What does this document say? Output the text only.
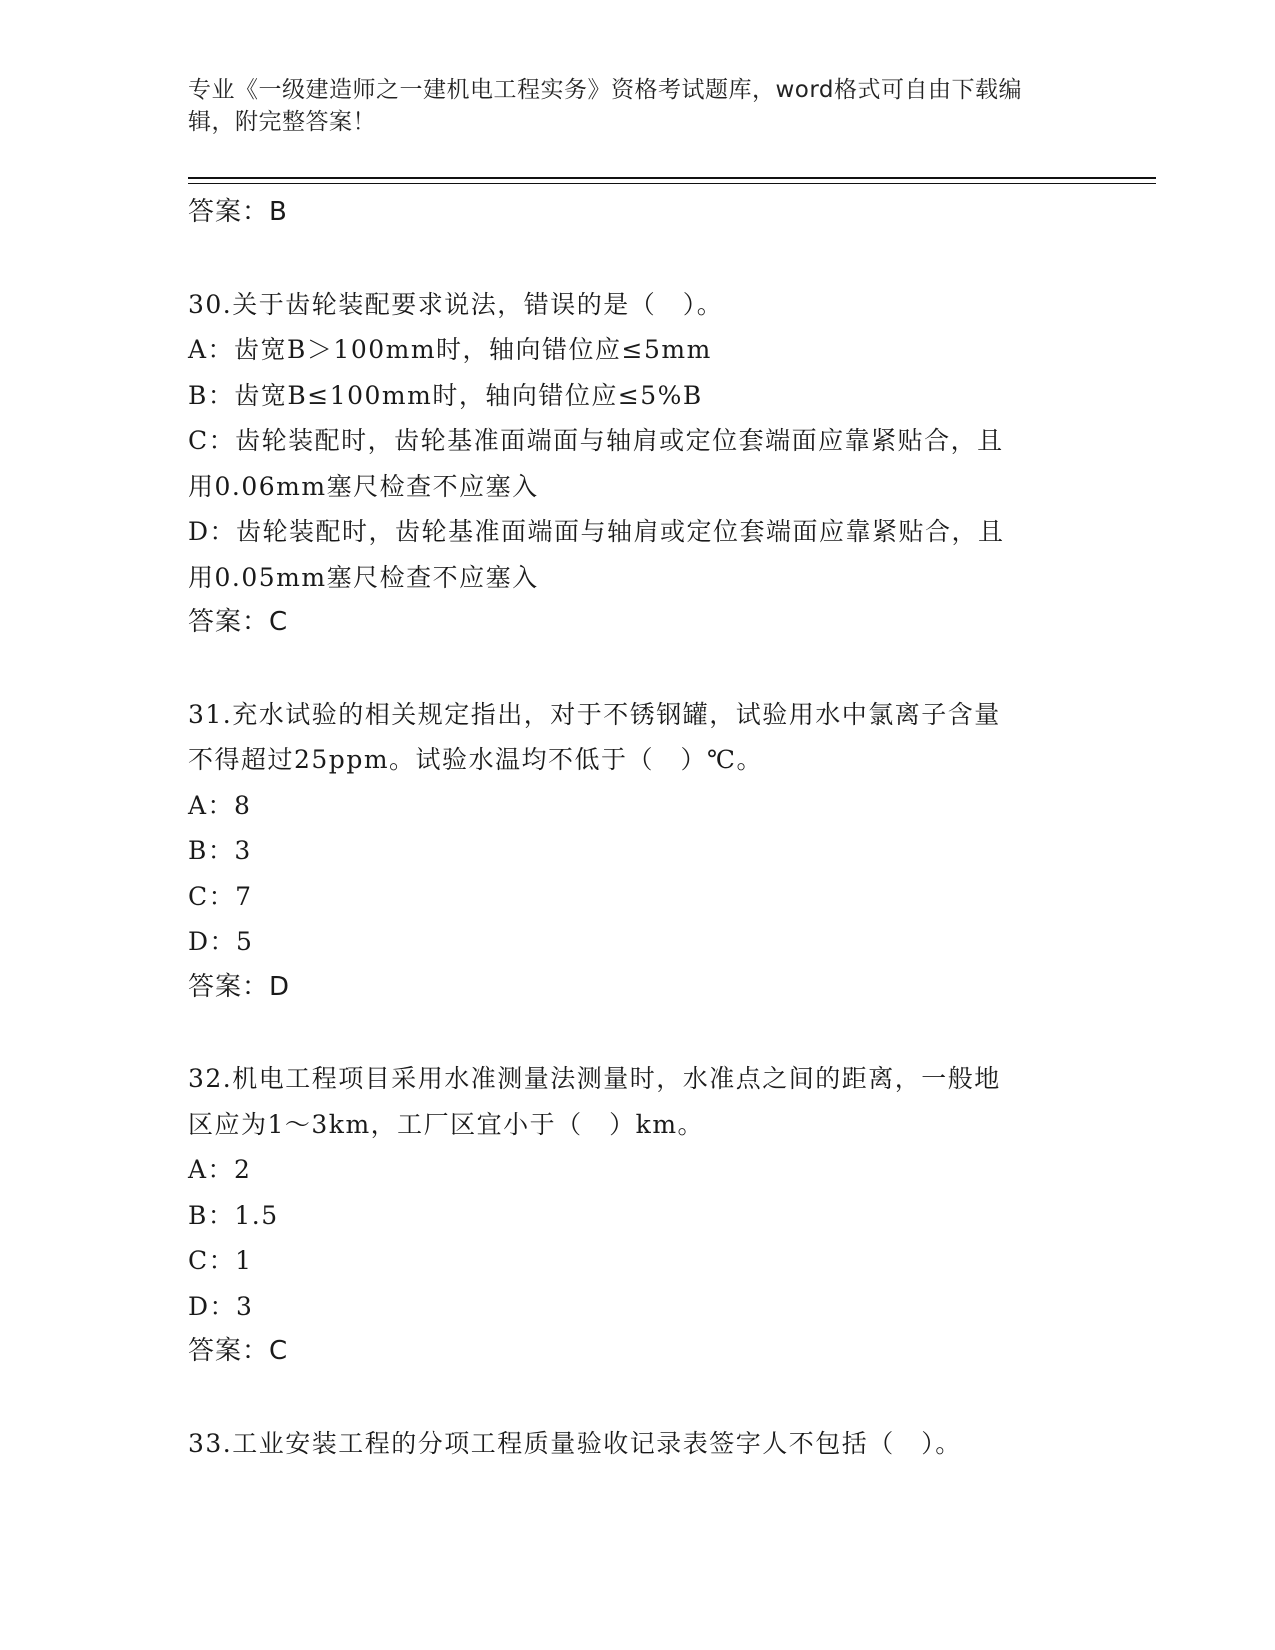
专业《一级建造师之一建机电工程实务》资格考试题库，word格式可自由下载编辑，附完整答案！

答案：B

30.关于齿轮装配要求说法，错误的是（　）。

A：齿宽B＞100mm时，轴向错位应≤5mm

B：齿宽B≤100mm时，轴向错位应≤5%B

C：齿轮装配时，齿轮基准面端面与轴肩或定位套端面应靠紧贴合，且

用0.06mm塞尺检查不应塞入

D：齿轮装配时，齿轮基准面端面与轴肩或定位套端面应靠紧贴合，且

用0.05mm塞尺检查不应塞入

答案：C

31.充水试验的相关规定指出，对于不锈钢罐，试验用水中氯离子含量

不得超过25ppm。试验水温均不低于（　）℃。

A：8

B：3

C：7

D：5

答案：D

32.机电工程项目采用水准测量法测量时，水准点之间的距离，一般地

区应为1～3km，工厂区宜小于（　）km。

A：2

B：1.5

C：1

D：3

答案：C

33.工业安装工程的分项工程质量验收记录表签字人不包括（　）。
